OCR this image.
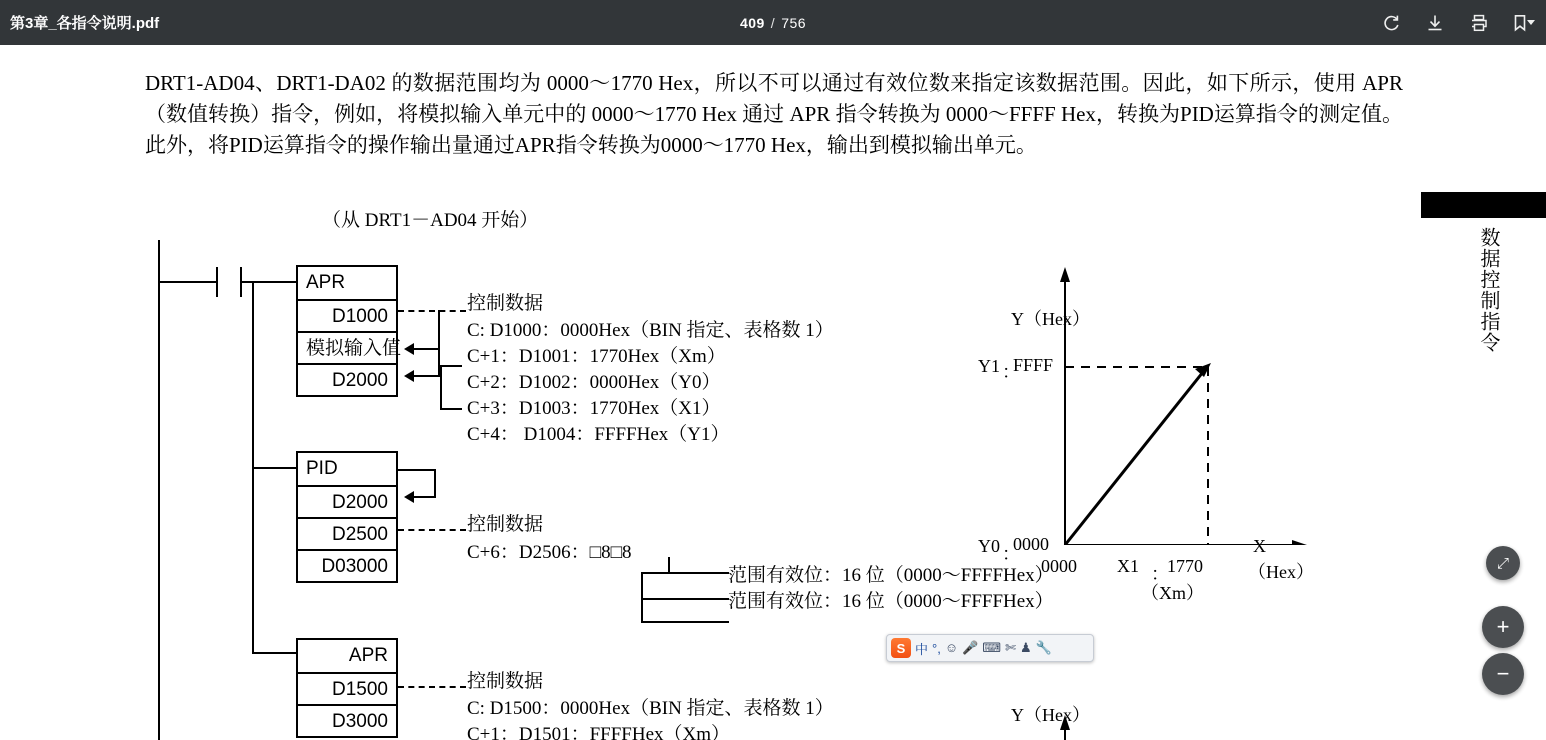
第3章_各指令说明.pdf	409 / 756
DRT1-AD04、DRT1-DA02 的数据范围均为 0000～1770 Hex，所以不可以通过有效位数来指定该数据范围。因此，如下所示，使用 APR（数值转换）指令，例如，将模拟输入单元中的 0000～1770 Hex 通过 APR 指令转换为 0000～FFFF Hex，转换为PID运算指令的测定值。此外，将PID运算指令的操作输出量通过APR指令转换为0000～1770 Hex，输出到模拟输出单元。
数据控制指令
（从 DRT1－AD04 开始）
APR
D1000
模拟输入值
D2000
PID
D2000
D2500
D03000
APR
D1500
D3000
控制数据
C: D1000：0000Hex（BIN 指定、表格数 1）
C+1：D1001：1770Hex（Xm）
C+2：D1002：0000Hex（Y0）
C+3：D1003：1770Hex（X1）
C+4： D1004：FFFFHex（Y1）
控制数据
C+6：D2506：□8□8
范围有效位：16 位（0000～FFFFHex）
范围有效位：16 位（0000～FFFFHex）
控制数据
C: D1500：0000Hex（BIN 指定、表格数 1）
C+1：D1501：FFFFHex（Xm）
Y（Hex）
Y1 ：
FFFF
Y0 ：
0000
0000 X1 ：
1770
（Xm）
X
（Hex）
Y（Hex）
S 中 °, ☺ 🎤 ⌨ ✄ ♟ 🔧
⤢
+
−
